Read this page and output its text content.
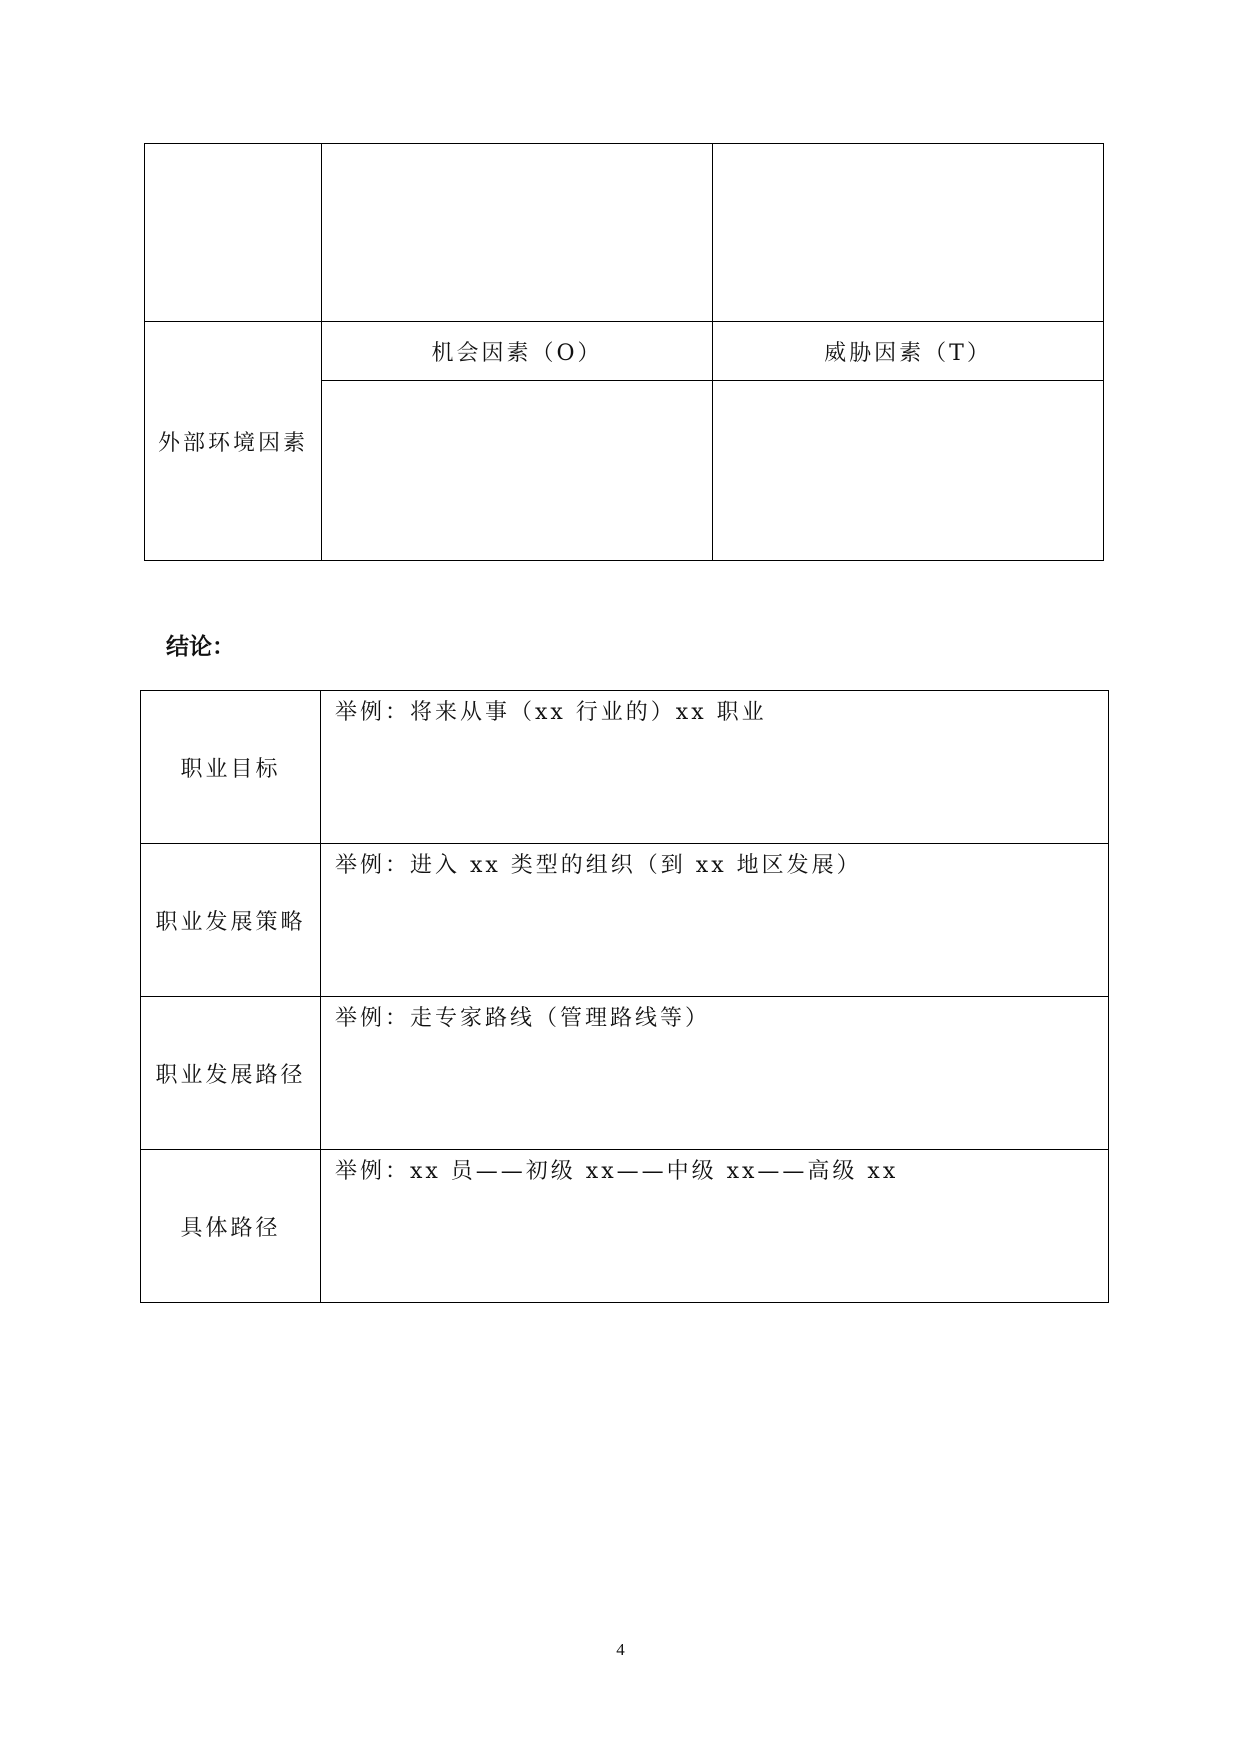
外部环境因素	机会因素（O）	威胁因素（T）

结论：

职业目标	举例：将来从事（xx 行业的）xx 职业
职业发展策略	举例：进入 xx 类型的组织（到 xx 地区发展）
职业发展路径	举例：走专家路线（管理路线等）
具体路径	举例：xx 员——初级 xx——中级 xx——高级 xx
4
